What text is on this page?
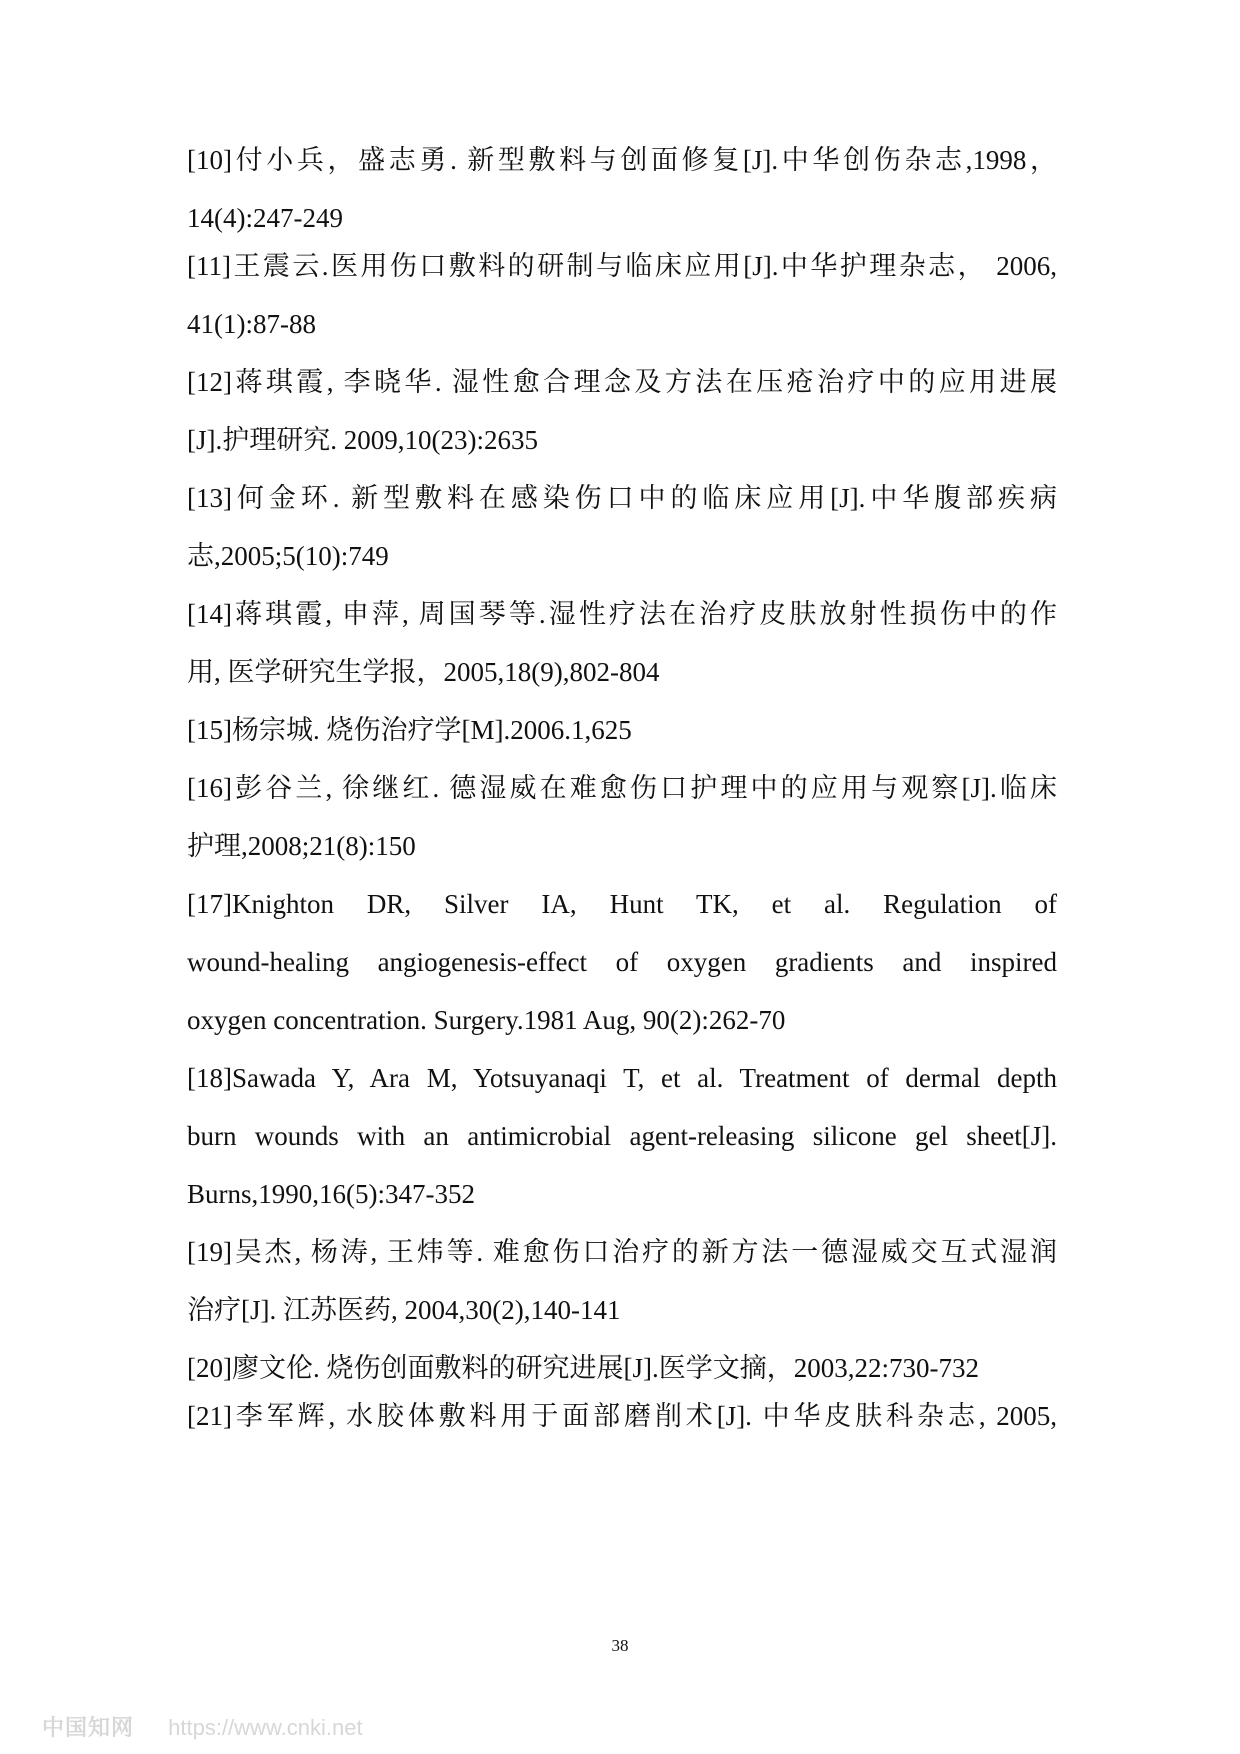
[10]付小兵，盛志勇. 新型敷料与创面修复[J].中华创伤杂志,1998，
14(4):247-249
[11]王震云.医用伤口敷料的研制与临床应用[J].中华护理杂志， 2006,
41(1):87-88
[12]蒋琪霞, 李晓华. 湿性愈合理念及方法在压疮治疗中的应用进展
[J].护理研究. 2009,10(23):2635
[13]何金环. 新型敷料在感染伤口中的临床应用[J].中华腹部疾病
志,2005;5(10):749
[14]蒋琪霞, 申萍, 周国琴等.湿性疗法在治疗皮肤放射性损伤中的作
用, 医学研究生学报，2005,18(9),802-804
[15]杨宗城. 烧伤治疗学[M].2006.1,625
[16]彭谷兰, 徐继红. 德湿威在难愈伤口护理中的应用与观察[J].临床
护理,2008;21(8):150
[17]Knighton DR, Silver IA, Hunt TK, et al. Regulation of
wound-healing angiogenesis-effect of oxygen gradients and inspired
oxygen concentration. Surgery.1981 Aug, 90(2):262-70
[18]Sawada Y, Ara M, Yotsuyanaqi T, et al. Treatment of dermal depth
burn wounds with an antimicrobial agent-releasing silicone gel sheet[J].
Burns,1990,16(5):347-352
[19]吴杰, 杨涛, 王炜等. 难愈伤口治疗的新方法一德湿威交互式湿润
治疗[J]. 江苏医药, 2004,30(2),140-141
[20]廖文伦. 烧伤创面敷料的研究进展[J].医学文摘，2003,22:730-732
[21]李军辉, 水胶体敷料用于面部磨削术[J]. 中华皮肤科杂志, 2005,
38
中国知网 https://www.cnki.net
